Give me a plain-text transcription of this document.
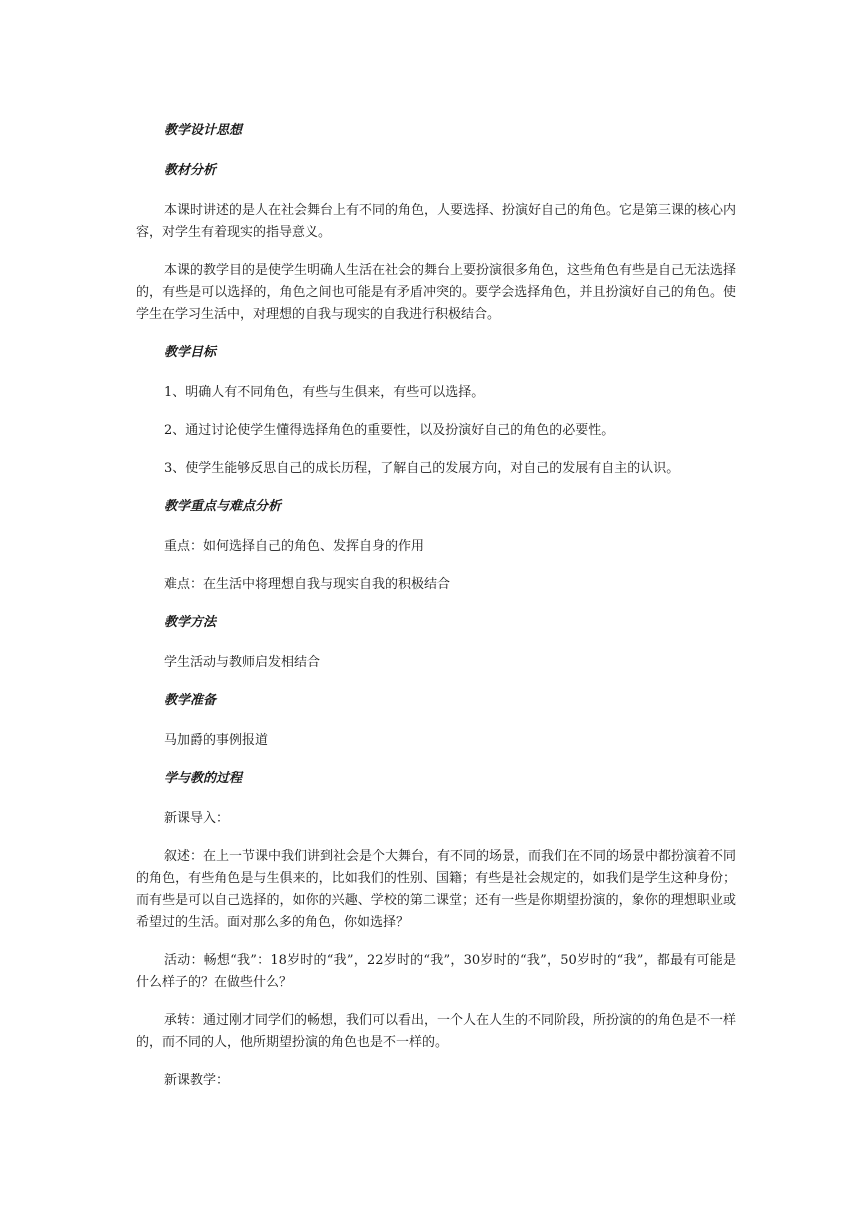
教学设计思想
教材分析
本课时讲述的是人在社会舞台上有不同的角色，人要选择、扮演好自己的角色。它是第三课的核心内容，对学生有着现实的指导意义。
本课的教学目的是使学生明确人生活在社会的舞台上要扮演很多角色，这些角色有些是自己无法选择的，有些是可以选择的，角色之间也可能是有矛盾冲突的。要学会选择角色，并且扮演好自己的角色。使学生在学习生活中，对理想的自我与现实的自我进行积极结合。
教学目标
1、明确人有不同角色，有些与生俱来，有些可以选择。
2、通过讨论使学生懂得选择角色的重要性，以及扮演好自己的角色的必要性。
3、使学生能够反思自己的成长历程，了解自己的发展方向，对自己的发展有自主的认识。
教学重点与难点分析
重点：如何选择自己的角色、发挥自身的作用
难点：在生活中将理想自我与现实自我的积极结合
教学方法
学生活动与教师启发相结合
教学准备
马加爵的事例报道
学与教的过程
新课导入：
叙述：在上一节课中我们讲到社会是个大舞台，有不同的场景，而我们在不同的场景中都扮演着不同的角色，有些角色是与生俱来的，比如我们的性别、国籍；有些是社会规定的，如我们是学生这种身份；而有些是可以自己选择的，如你的兴趣、学校的第二课堂；还有一些是你期望扮演的，象你的理想职业或希望过的生活。面对那么多的角色，你如选择？
活动：畅想“我”：18岁时的“我”，22岁时的“我”，30岁时的“我”，50岁时的“我”，都最有可能是什么样子的？在做些什么？
承转：通过刚才同学们的畅想，我们可以看出，一个人在人生的不同阶段，所扮演的的角色是不一样的，而不同的人，他所期望扮演的角色也是不一样的。
新课教学：
